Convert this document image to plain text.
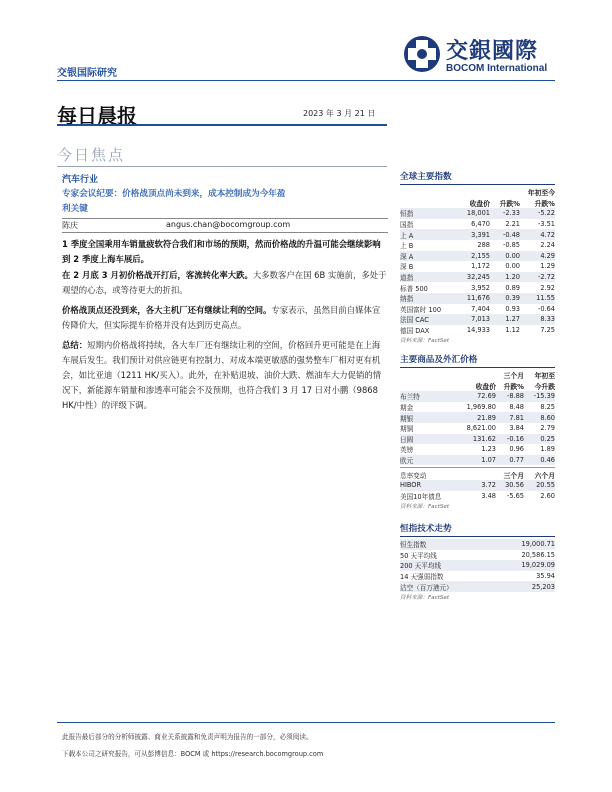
交銀國際
BOCOM International
交银国际研究
每日晨报	2023 年 3 月 21 日
今日焦点
汽车行业
专家会议纪要：价格战顶点尚未到来，成本控制成为今年盈利关键
陈庆	angus.chan@bocomgroup.com
1 季度全国乘用车销量疲软符合我们和市场的预期，然而价格战的升温可能会继续影响到 2 季度上海车展后。
在 2 月底 3 月初价格战开打后，客流转化率大跌。大多数客户在国 6B 实施前，多处于观望的心态，或等待更大的折扣。
价格战顶点还没到来，各大主机厂还有继续让利的空间。专家表示，虽然目前自媒体宣传降价大，但实际提车价格并没有达到历史高点。
总结：短期内价格战将持续，各大车厂还有继续让利的空间，价格回升更可能是在上海车展后发生。我们预计对供应链更有控制力、对成本端更敏感的强势整车厂相对更有机会，如比亚迪（1211 HK/买入）。此外，在补贴退坡、油价大跌、燃油车大力促销的情况下，新能源车销量和渗透率可能会不及预期，也符合我们 3 月 17 日对小鹏（9868 HK/中性）的评级下调。
全球主要指数
			年初至今
	收盘价	升跌%	升跌%
恒指	18,001	-2.33	-5.22
国指	6,470	2.21	-3.51
上 A	3,391	-0.48	4.72
上 B	288	-0.85	2.24
深 A	2,155	0.00	4.29
深 B	1,172	0.00	1.29
道指	32,245	1.20	-2.72
标普 500	3,952	0.89	2.92
纳指	11,676	0.39	11.55
英国富时 100	7,404	0.93	-0.64
法国 CAC	7,013	1.27	8.33
德国 DAX	14,933	1.12	7.25
资料来源：FactSet
主要商品及外汇价格
		三个月	年初至
	收盘价	升跌%	今升跌
布兰特	72.69	-8.88	-15.39
期金	1,969.80	8.48	8.25
期银	21.89	7.81	8.60
期铜	8,621.00	3.84	2.79
日圆	131.62	-0.16	0.25
英镑	1.23	0.96	1.89
欧元	1.07	0.77	0.46
息率变动		三个月	六个月
HIBOR	3.72	30.56	20.55
美国10年债息	3.48	-5.65	2.60
资料来源：FactSet
恒指技术走势
恒生指数	19,000.71
50 天平均线	20,586.15
200 天平均线	19,029.09
14 天强弱指数	35.94
沽空（百万港元）	25,203
资料来源：FactSet
此报告最后部分的分析师披露、商业关系披露和免责声明为报告的一部分，必须阅读。
下载本公司之研究报告，可从彭博信息：BOCM 或 https://research.bocomgroup.com
